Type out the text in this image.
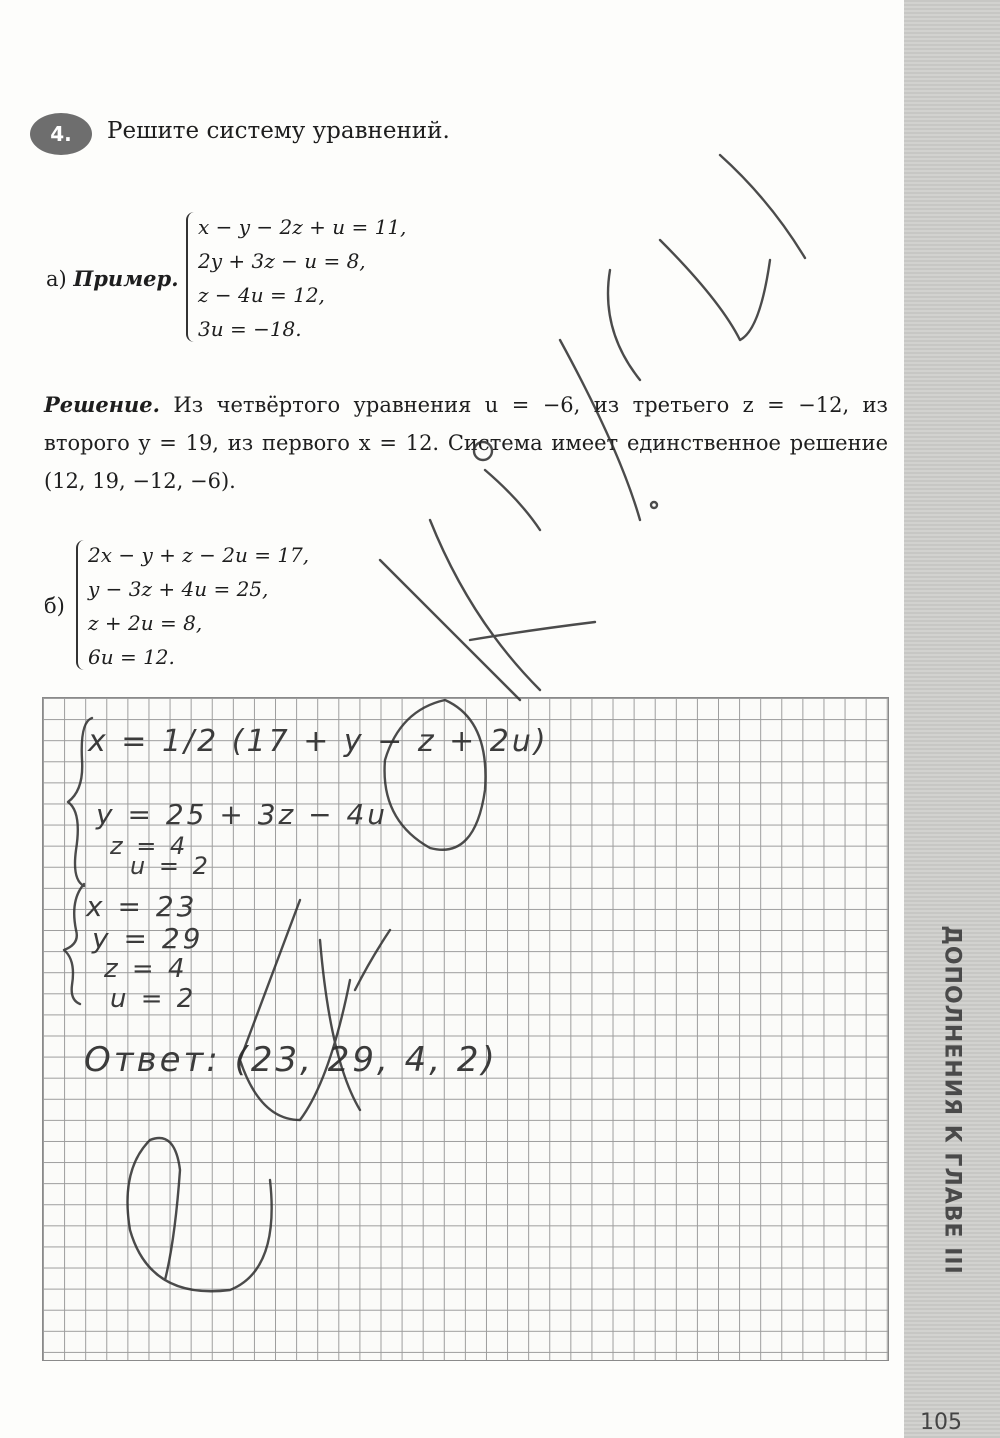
ДОПОЛНЕНИЯ К ГЛАВЕ III
105
4.	Решите систему уравнений.
а) Пример.
x − y − 2z + u = 11,
2y + 3z − u = 8,
z − 4u = 12,
3u = −18.
Решение. Из четвёртого уравнения u = −6, из третьего z = −12, из второго y = 19, из первого x = 12. Система имеет единственное решение (12, 19, −12, −6).
б)
2x − y + z − 2u = 17,
y − 3z + 4u = 25,
z + 2u = 8,
6u = 12.
x = 1/2 (17 + y − z + 2u)
y = 25 + 3z − 4u
z = 4
u = 2
x = 23
y = 29
z = 4
u = 2
Ответ: (23, 29, 4, 2)
